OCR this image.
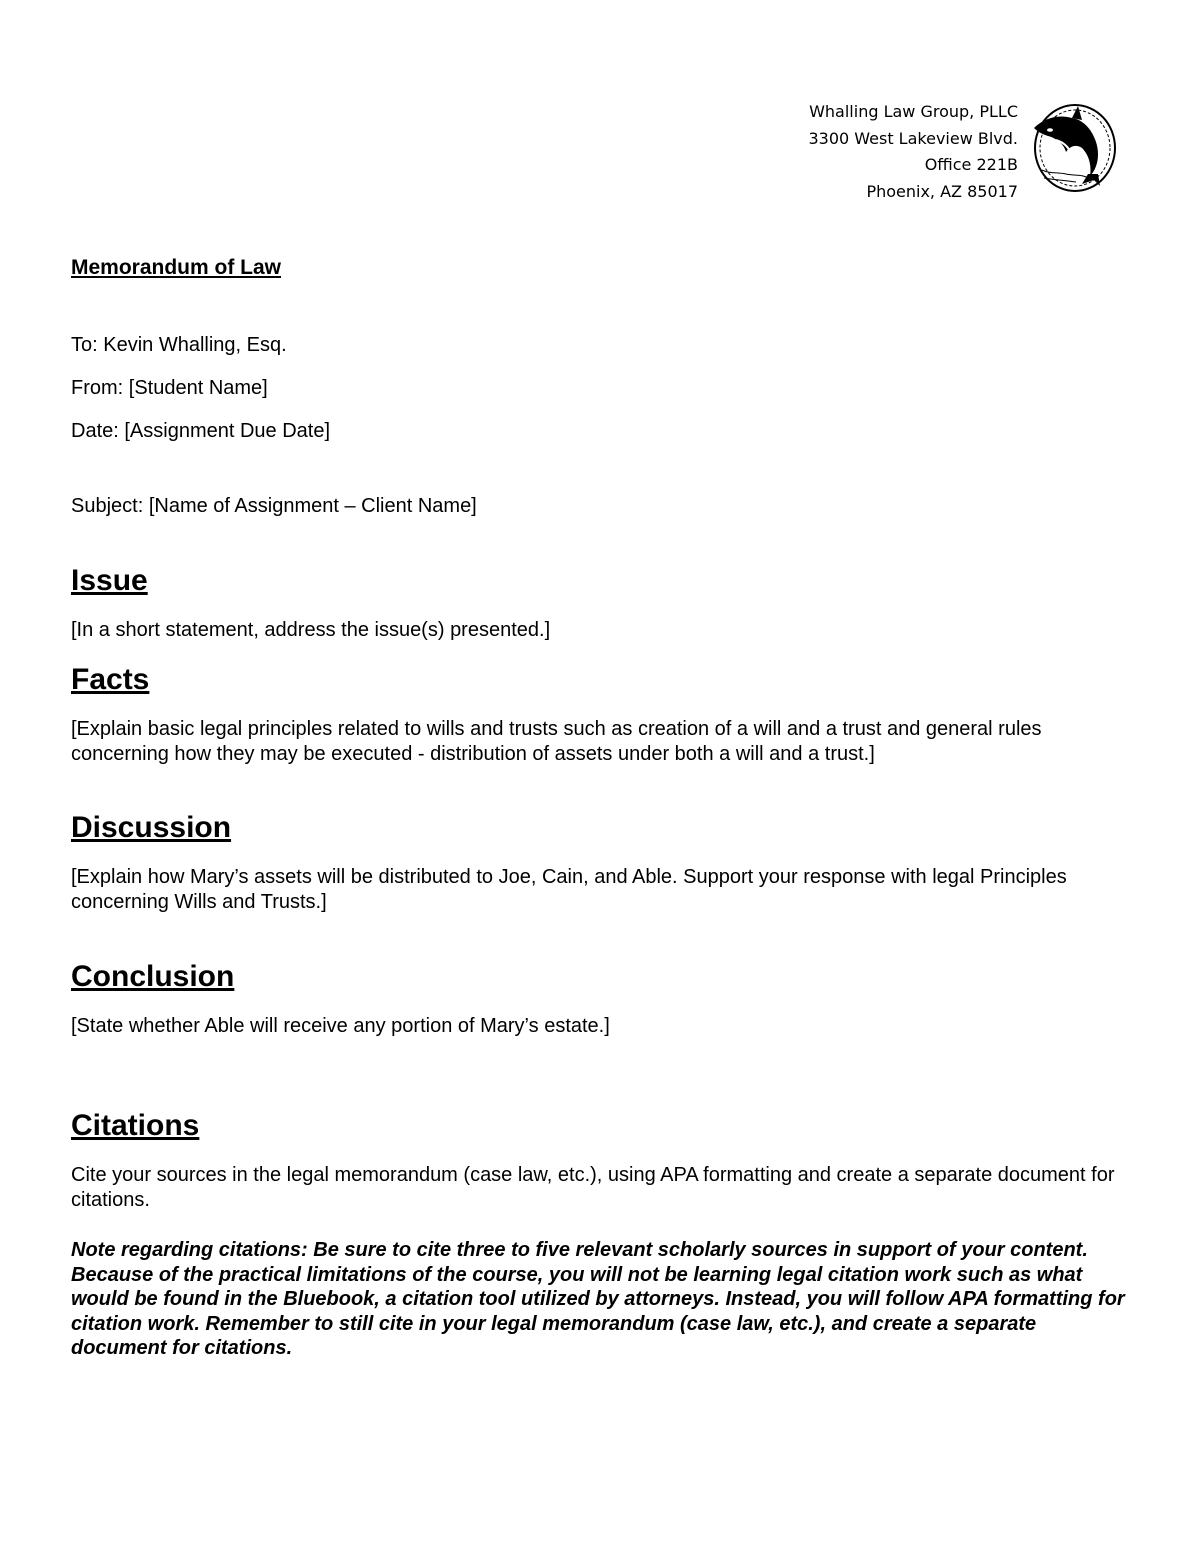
Whalling Law Group, PLLC
3300 West Lakeview Blvd.
Office 221B
Phoenix, AZ 85017
Memorandum of Law

To: Kevin Whalling, Esq.

From: [Student Name]

Date: [Assignment Due Date]

Subject: [Name of Assignment – Client Name]

Issue

[In a short statement, address the issue(s) presented.]

Facts

[Explain basic legal principles related to wills and trusts such as creation of a will and a trust and general rules concerning how they may be executed - distribution of assets under both a will and a trust.]

Discussion

[Explain how Mary’s assets will be distributed to Joe, Cain, and Able. Support your response with legal Principles concerning Wills and Trusts.]

Conclusion

[State whether Able will receive any portion of Mary’s estate.]

Citations

Cite your sources in the legal memorandum (case law, etc.), using APA formatting and create a separate document for citations.

Note regarding citations: Be sure to cite three to five relevant scholarly sources in support of your content. Because of the practical limitations of the course, you will not be learning legal citation work such as what would be found in the Bluebook, a citation tool utilized by attorneys. Instead, you will follow APA formatting for citation work. Remember to still cite in your legal memorandum (case law, etc.), and create a separate document for citations.
